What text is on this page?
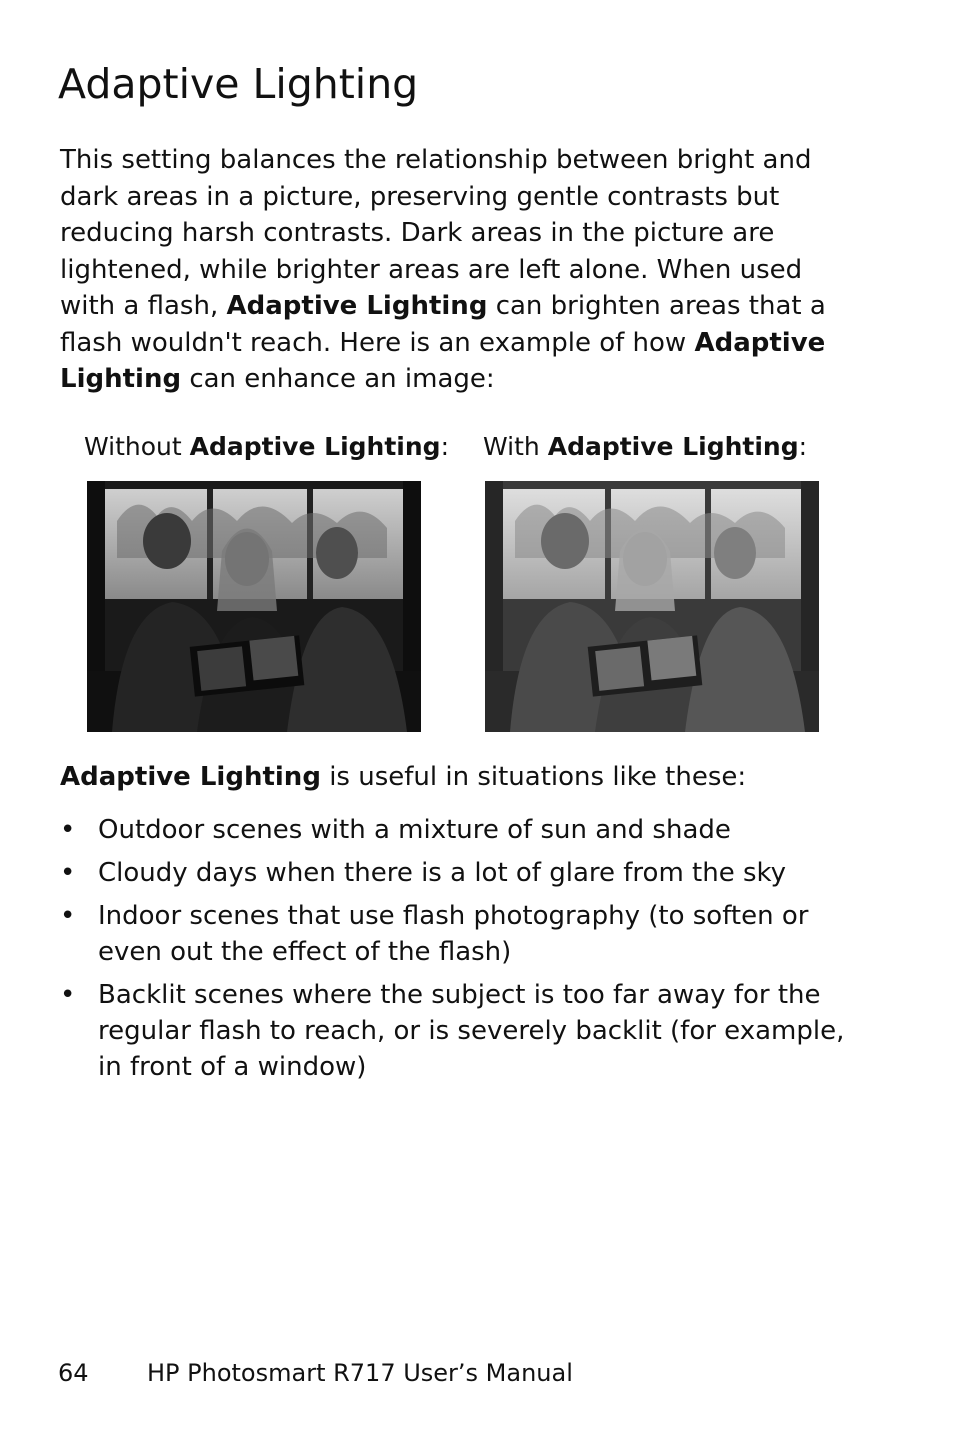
Adaptive Lighting

This setting balances the relationship between bright and dark areas in a picture, preserving gentle contrasts but reducing harsh contrasts. Dark areas in the picture are lightened, while brighter areas are left alone. When used with a flash, Adaptive Lighting can brighten areas that a flash wouldn't reach. Here is an example of how Adaptive Lighting can enhance an image:

Without Adaptive Lighting: With Adaptive Lighting:

Adaptive Lighting is useful in situations like these:

• Outdoor scenes with a mixture of sun and shade
• Cloudy days when there is a lot of glare from the sky
• Indoor scenes that use flash photography (to soften or even out the effect of the flash)
• Backlit scenes where the subject is too far away for the regular flash to reach, or is severely backlit (for example, in front of a window)
64 HP Photosmart R717 User’s Manual
